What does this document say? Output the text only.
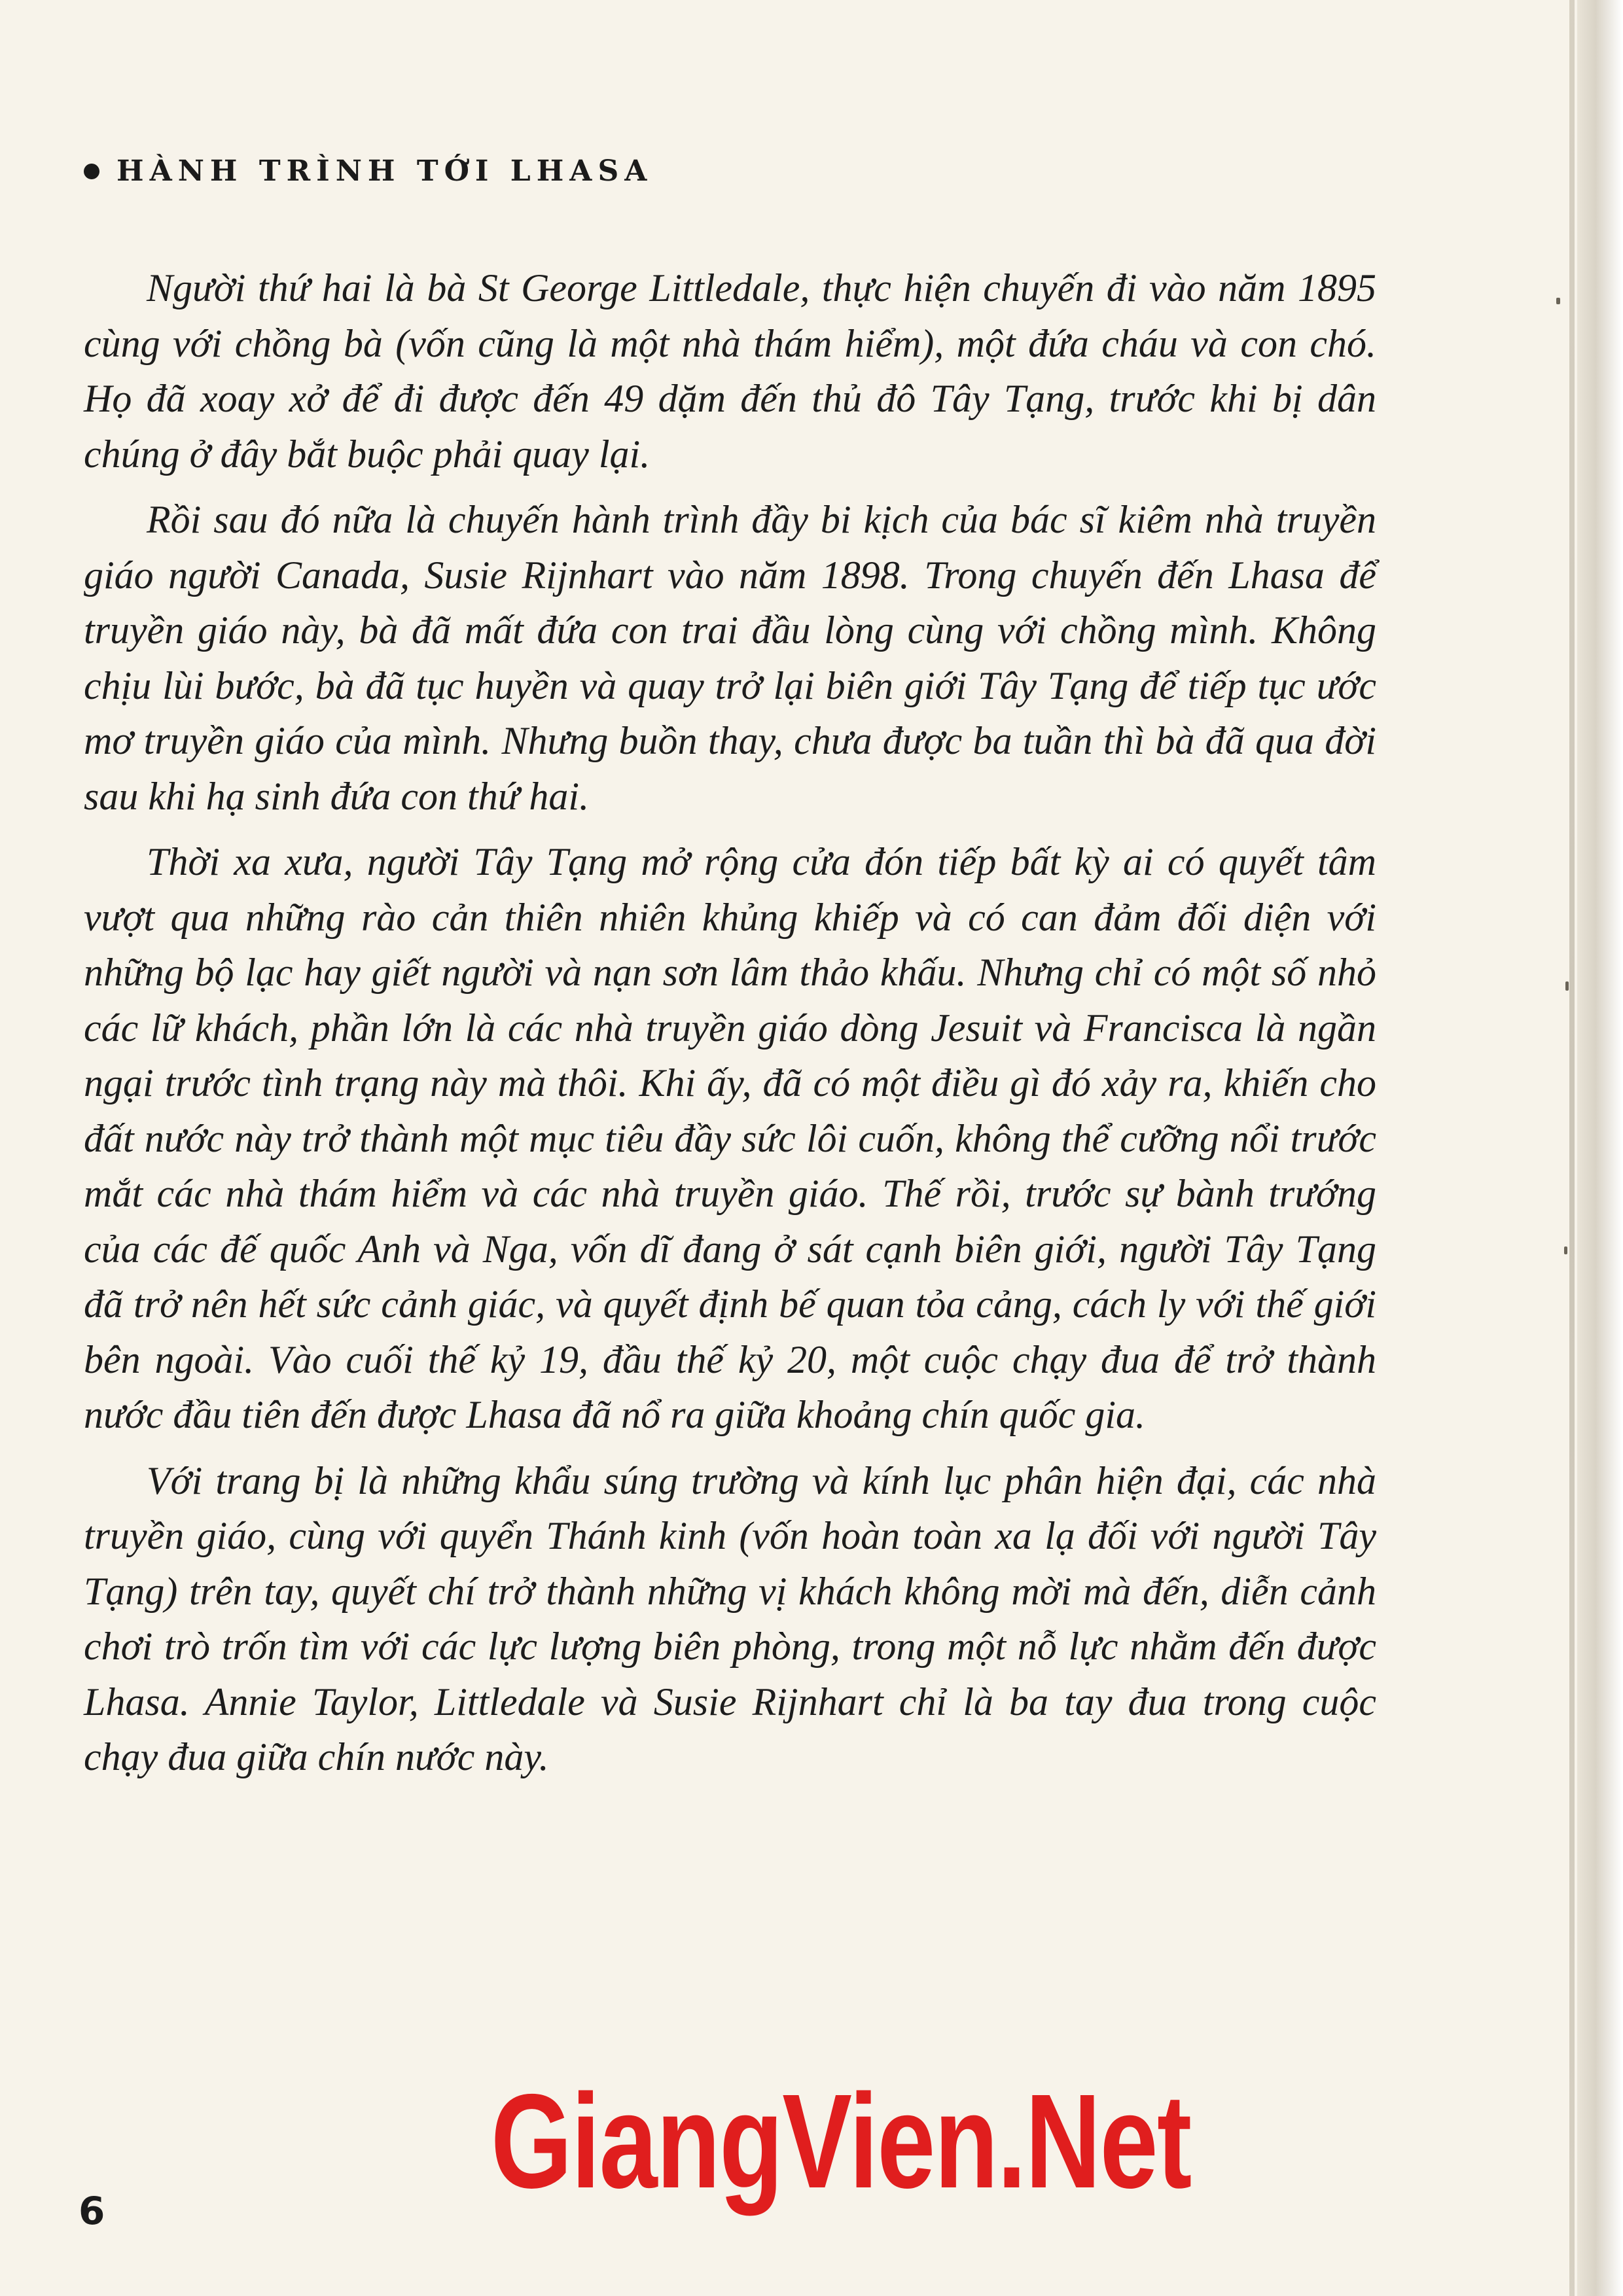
HÀNH TRÌNH TỚI LHASA

Người thứ hai là bà St George Littledale, thực hiện chuyến đi vào năm 1895 cùng với chồng bà (vốn cũng là một nhà thám hiểm), một đứa cháu và con chó. Họ đã xoay xở để đi được đến 49 dặm đến thủ đô Tây Tạng, trước khi bị dân chúng ở đây bắt buộc phải quay lại.

Rồi sau đó nữa là chuyến hành trình đầy bi kịch của bác sĩ kiêm nhà truyền giáo người Canada, Susie Rijnhart vào năm 1898. Trong chuyến đến Lhasa để truyền giáo này, bà đã mất đứa con trai đầu lòng cùng với chồng mình. Không chịu lùi bước, bà đã tục huyền và quay trở lại biên giới Tây Tạng để tiếp tục ước mơ truyền giáo của mình. Nhưng buồn thay, chưa được ba tuần thì bà đã qua đời sau khi hạ sinh đứa con thứ hai.

Thời xa xưa, người Tây Tạng mở rộng cửa đón tiếp bất kỳ ai có quyết tâm vượt qua những rào cản thiên nhiên khủng khiếp và có can đảm đối diện với những bộ lạc hay giết người và nạn sơn lâm thảo khấu. Nhưng chỉ có một số nhỏ các lữ khách, phần lớn là các nhà truyền giáo dòng Jesuit và Francisca là ngần ngại trước tình trạng này mà thôi. Khi ấy, đã có một điều gì đó xảy ra, khiến cho đất nước này trở thành một mục tiêu đầy sức lôi cuốn, không thể cưỡng nổi trước mắt các nhà thám hiểm và các nhà truyền giáo. Thế rồi, trước sự bành trướng của các đế quốc Anh và Nga, vốn dĩ đang ở sát cạnh biên giới, người Tây Tạng đã trở nên hết sức cảnh giác, và quyết định bế quan tỏa cảng, cách ly với thế giới bên ngoài. Vào cuối thế kỷ 19, đầu thế kỷ 20, một cuộc chạy đua để trở thành nước đầu tiên đến được Lhasa đã nổ ra giữa khoảng chín quốc gia.

Với trang bị là những khẩu súng trường và kính lục phân hiện đại, các nhà truyền giáo, cùng với quyển Thánh kinh (vốn hoàn toàn xa lạ đối với người Tây Tạng) trên tay, quyết chí trở thành những vị khách không mời mà đến, diễn cảnh chơi trò trốn tìm với các lực lượng biên phòng, trong một nỗ lực nhằm đến được Lhasa. Annie Taylor, Littledale và Susie Rijnhart chỉ là ba tay đua trong cuộc chạy đua giữa chín nước này.

6	GiangVien.Net
